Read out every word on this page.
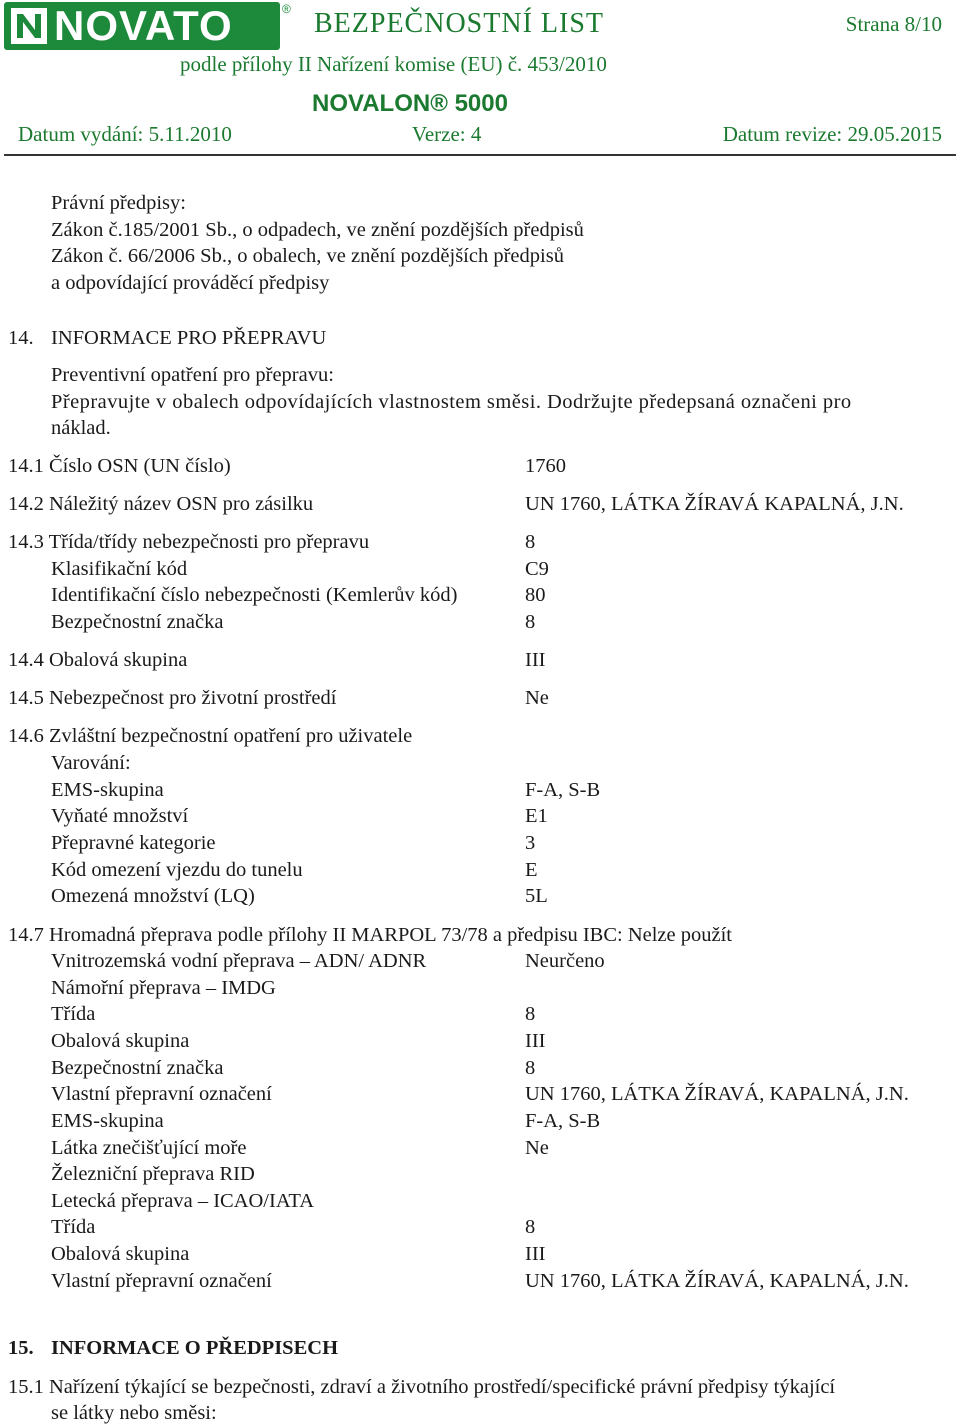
NOVATO	® BEZPEČNOSTNÍ LIST	Strana 8/10
podle přílohy II Nařízení komise (EU) č. 453/2010
NOVALON® 5000
Datum vydání: 5.11.2010	Verze: 4	Datum revize: 29.05.2015
Právní předpisy:
Zákon č.185/2001 Sb., o odpadech, ve znění pozdějších předpisů
Zákon č. 66/2006 Sb., o obalech, ve znění pozdějších předpisů
a odpovídající prováděcí předpisy
14. INFORMACE PRO PŘEPRAVU
Preventivní opatření pro přepravu:
Přepravujte v obalech odpovídajících vlastnostem směsi. Dodržujte předepsaná označeni pro
náklad.
14.1 Číslo OSN (UN číslo)	1760
14.2 Náležitý název OSN pro zásilku	UN 1760, LÁTKA ŽÍRAVÁ KAPALNÁ, J.N.
14.3 Třída/třídy nebezpečnosti pro přepravu	8
Klasifikační kód	C9
Identifikační číslo nebezpečnosti (Kemlerův kód)	80
Bezpečnostní značka	8
14.4 Obalová skupina	III
14.5 Nebezpečnost pro životní prostředí	Ne
14.6 Zvláštní bezpečnostní opatření pro uživatele
Varování:
EMS-skupina	F-A, S-B
Vyňaté množství	E1
Přepravné kategorie	3
Kód omezení vjezdu do tunelu	E
Omezená množství (LQ)	5L
14.7 Hromadná přeprava podle přílohy II MARPOL 73/78 a předpisu IBC: Nelze použít
Vnitrozemská vodní přeprava – ADN/ ADNR	Neurčeno
Námořní přeprava – IMDG
Třída	8
Obalová skupina	III
Bezpečnostní značka	8
Vlastní přepravní označení	UN 1760, LÁTKA ŽÍRAVÁ, KAPALNÁ, J.N.
EMS-skupina	F-A, S-B
Látka znečišťující moře	Ne
Železniční přeprava RID
Letecká přeprava – ICAO/IATA
Třída	8
Obalová skupina	III
Vlastní přepravní označení	UN 1760, LÁTKA ŽÍRAVÁ, KAPALNÁ, J.N.
15. INFORMACE O PŘEDPISECH
15.1 Nařízení týkající se bezpečnosti, zdraví a životního prostředí/specifické právní předpisy týkající
se látky nebo směsi:
